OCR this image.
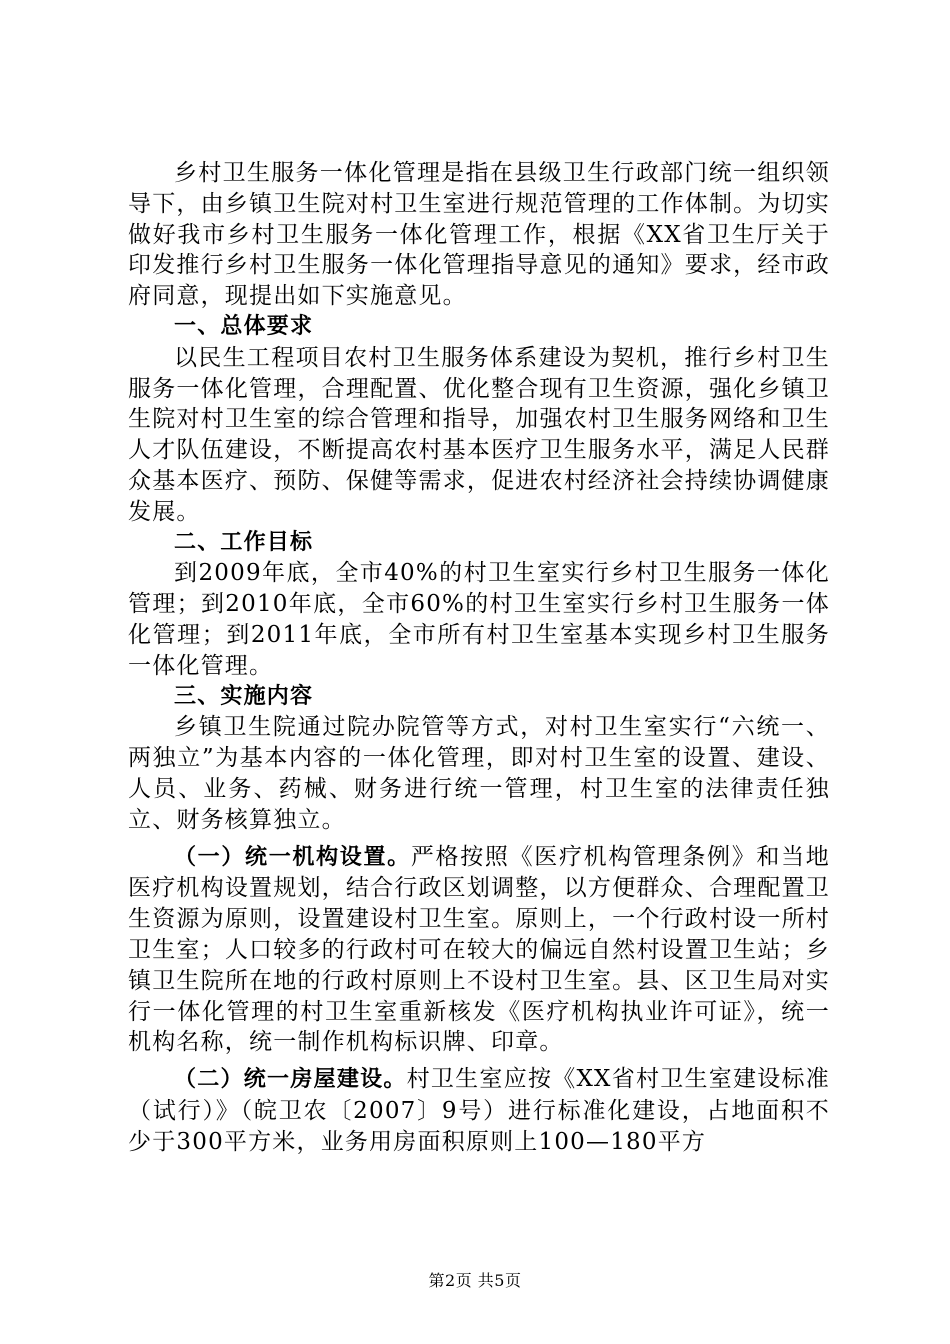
乡村卫生服务一体化管理是指在县级卫生行政部门统一组织领导下，由乡镇卫生院对村卫生室进行规范管理的工作体制。为切实做好我市乡村卫生服务一体化管理工作，根据《XX省卫生厅关于印发推行乡村卫生服务一体化管理指导意见的通知》要求，经市政府同意，现提出如下实施意见。

一、总体要求

以民生工程项目农村卫生服务体系建设为契机，推行乡村卫生服务一体化管理，合理配置、优化整合现有卫生资源，强化乡镇卫生院对村卫生室的综合管理和指导，加强农村卫生服务网络和卫生人才队伍建设，不断提高农村基本医疗卫生服务水平，满足人民群众基本医疗、预防、保健等需求，促进农村经济社会持续协调健康发展。

二、工作目标

到2009年底，全市40%的村卫生室实行乡村卫生服务一体化管理；到2010年底，全市60%的村卫生室实行乡村卫生服务一体化管理；到2011年底，全市所有村卫生室基本实现乡村卫生服务一体化管理。

三、实施内容

乡镇卫生院通过院办院管等方式，对村卫生室实行“六统一、两独立”为基本内容的一体化管理，即对村卫生室的设置、建设、人员、业务、药械、财务进行统一管理，村卫生室的法律责任独立、财务核算独立。

（一）统一机构设置。严格按照《医疗机构管理条例》和当地医疗机构设置规划，结合行政区划调整，以方便群众、合理配置卫生资源为原则，设置建设村卫生室。原则上，一个行政村设一所村卫生室；人口较多的行政村可在较大的偏远自然村设置卫生站；乡镇卫生院所在地的行政村原则上不设村卫生室。县、区卫生局对实行一体化管理的村卫生室重新核发《医疗机构执业许可证》，统一机构名称，统一制作机构标识牌、印章。

（二）统一房屋建设。村卫生室应按《XX省村卫生室建设标准（试行）》（皖卫农〔2007〕9号）进行标准化建设，占地面积不少于300平方米，业务用房面积原则上100—180平方

第2页 共5页
